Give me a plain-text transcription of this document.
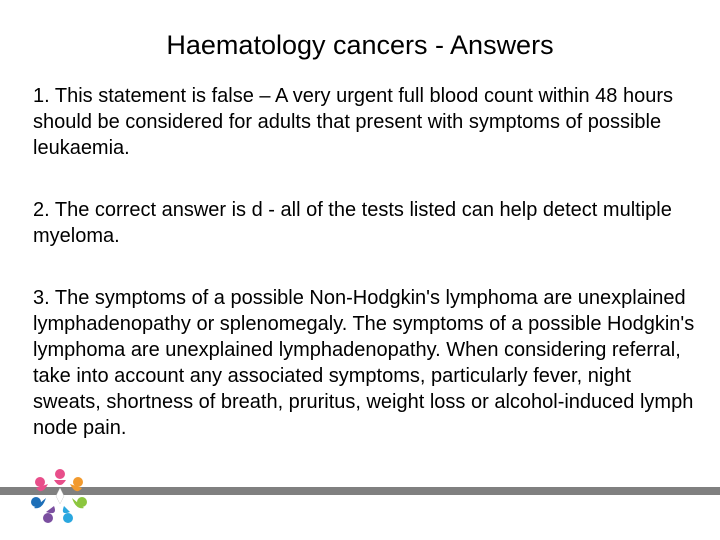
Haematology cancers - Answers

1. This statement is false – A very urgent full blood count within 48 hours should be considered for adults that present with symptoms of possible leukaemia.

2. The correct answer is d - all of the tests listed can help detect multiple myeloma.

3. The symptoms of a possible Non‐Hodgkin's lymphoma are unexplained lymphadenopathy or splenomegaly. The symptoms of a possible Hodgkin's lymphoma are unexplained lymphadenopathy. When considering referral, take into account any associated symptoms, particularly fever, night sweats, shortness of breath, pruritus, weight loss or alcohol‐induced lymph node pain.
